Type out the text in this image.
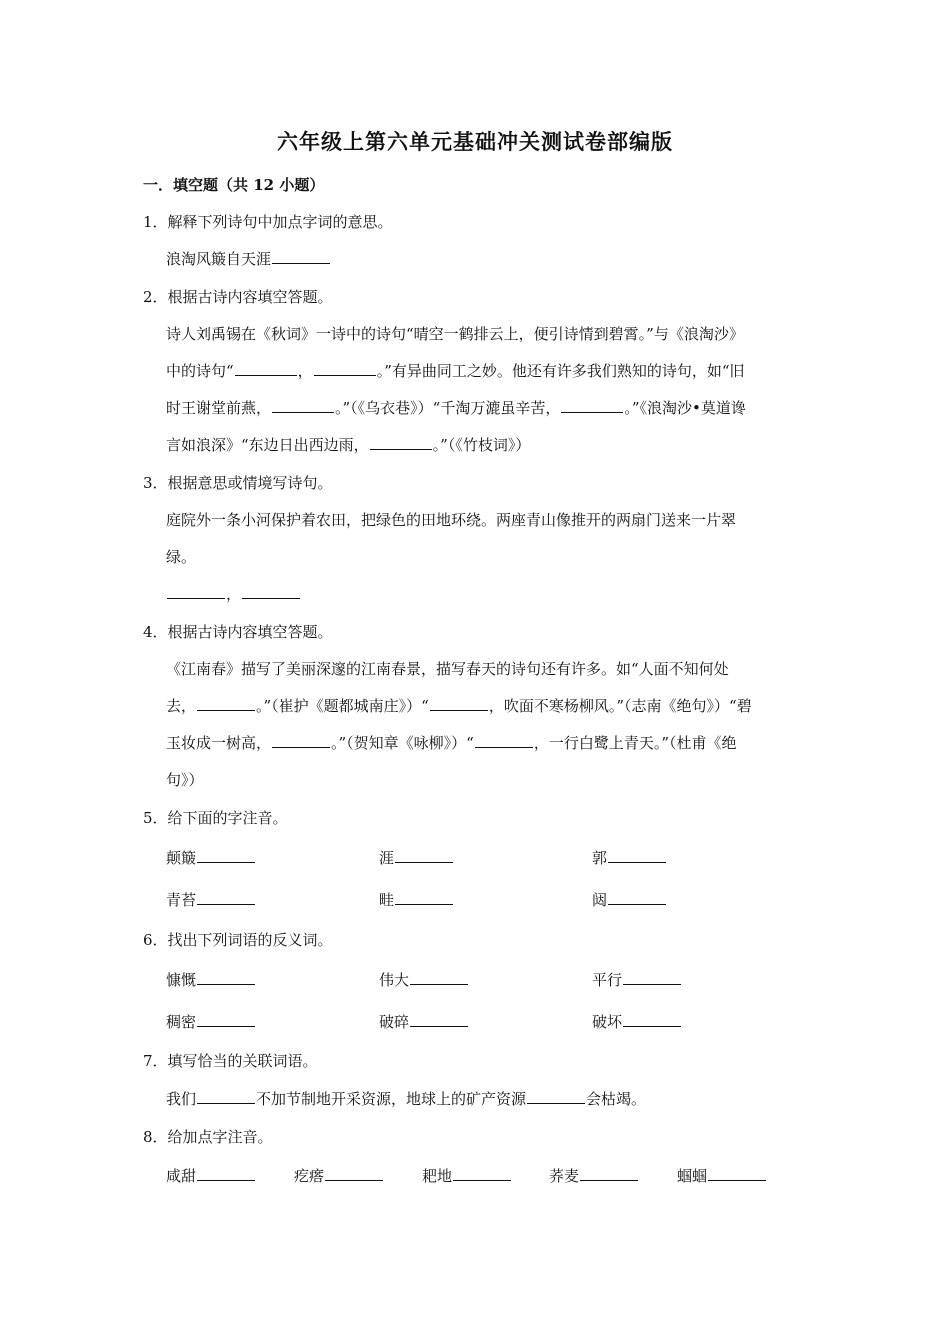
六年级上第六单元基础冲关测试卷部编版
一．填空题（共 12 小题）
1．解释下列诗句中加点字词的意思。
浪淘风簸自天涯
2．根据古诗内容填空答题。
诗人刘禹锡在《秋词》一诗中的诗句“晴空一鹤排云上，便引诗情到碧霄。”与《浪淘沙》
中的诗句“	，	。”有异曲同工之妙。他还有许多我们熟知的诗句，如“旧
时王谢堂前燕，	。”（《乌衣巷》）“千淘万漉虽辛苦，	。”《浪淘沙•莫道谗
言如浪深》“东边日出西边雨，	。”（《竹枝词》）
3．根据意思或情境写诗句。
庭院外一条小河保护着农田，把绿色的田地环绕。两座青山像推开的两扇门送来一片翠
绿。
，
4．根据古诗内容填空答题。
《江南春》描写了美丽深邃的江南春景，描写春天的诗句还有许多。如“人面不知何处
去，	。”（崔护《题都城南庄》）“	，吹面不寒杨柳风。”（志南《绝句》）“碧
玉妆成一树高，	。”（贺知章《咏柳》）“	，一行白鹭上青天。”（杜甫《绝
句》）
5．给下面的字注音。
颠簸	涯	郭
青苔	畦	闼
6．找出下列词语的反义词。
慷慨	伟大	平行
稠密	破碎	破坏
7．填写恰当的关联词语。
我们	不加节制地开采资源，地球上的矿产资源	会枯竭。
8．给加点字注音。
咸甜	疙瘩	耙地	荞麦	蝈蝈
